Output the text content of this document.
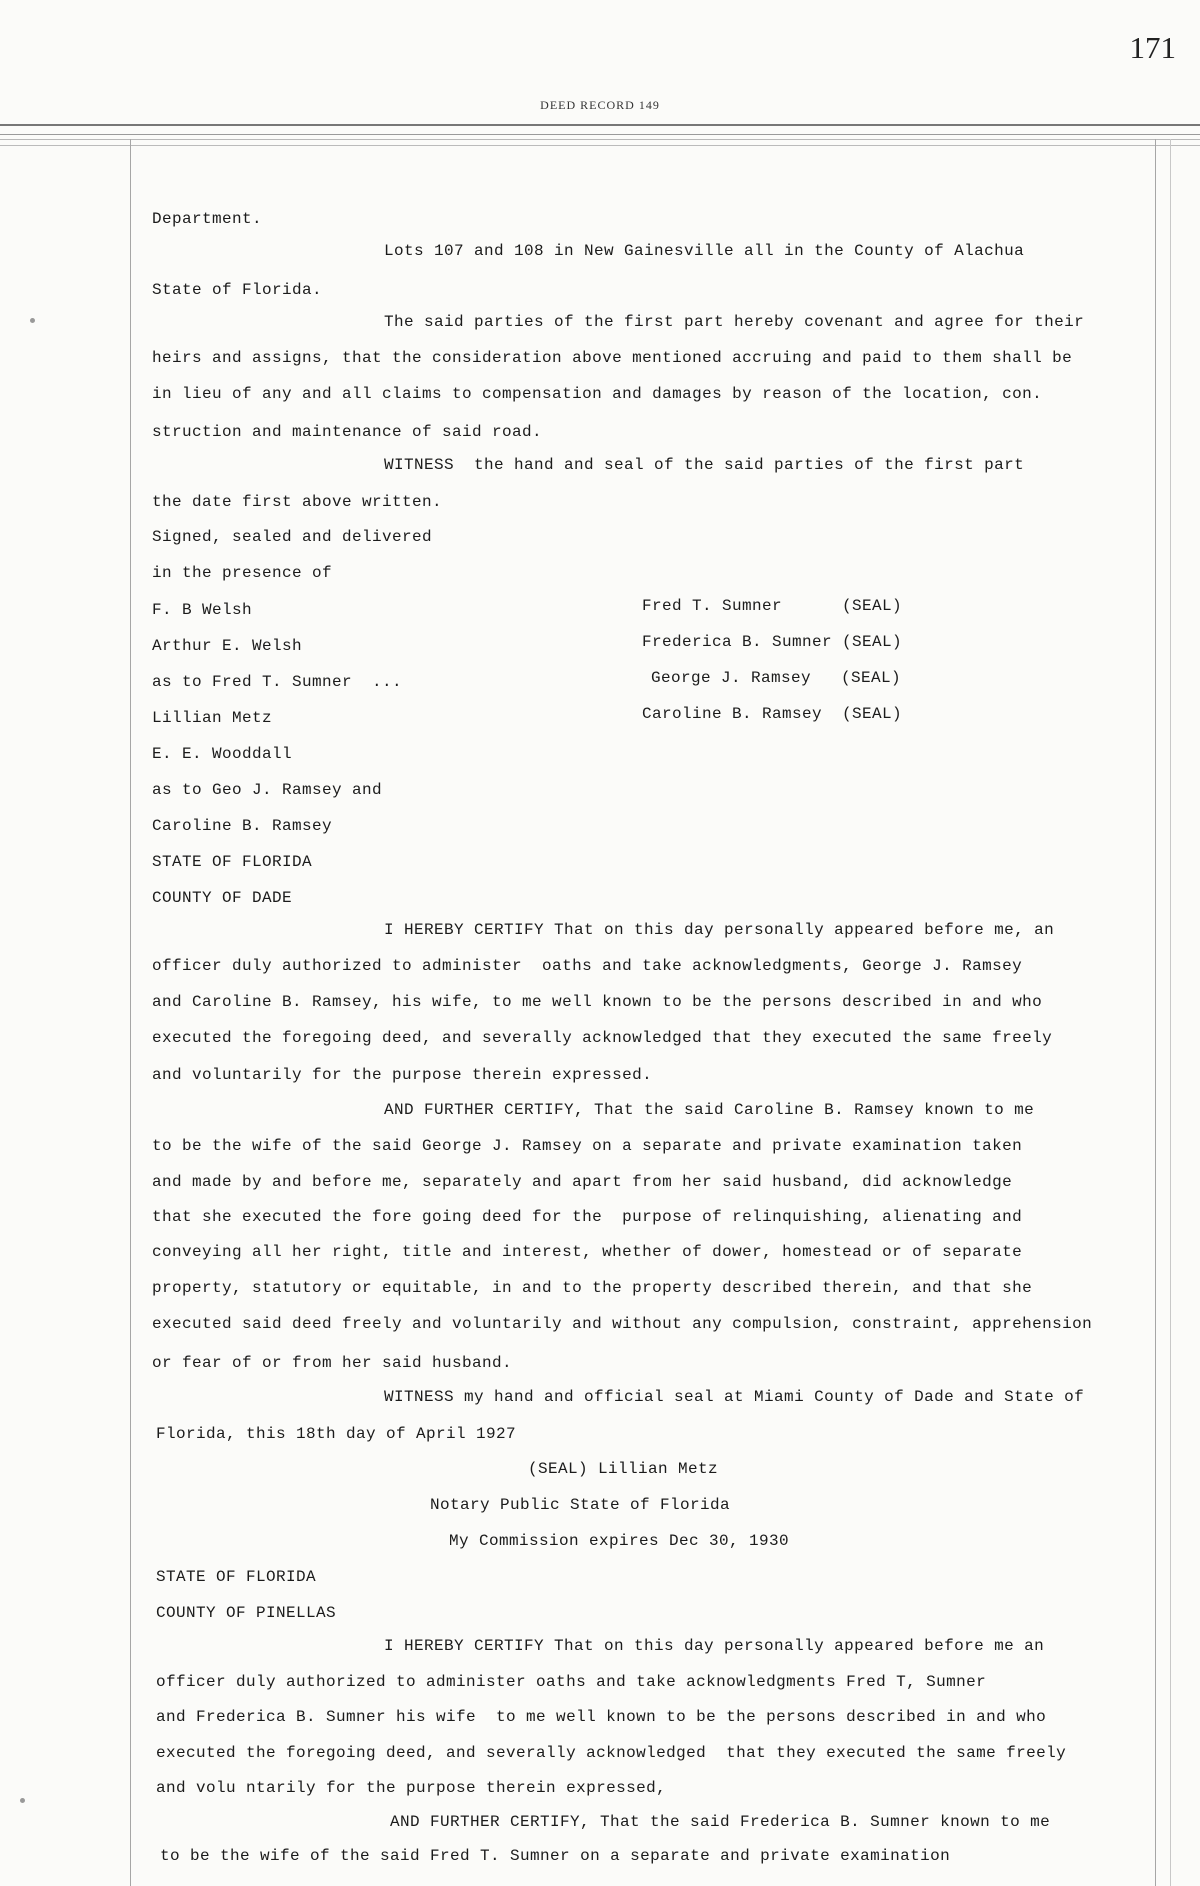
171
DEED RECORD 149
Department.
Lots 107 and 108 in New Gainesville all in the County of Alachua
State of Florida.
The said parties of the first part hereby covenant and agree for their
heirs and assigns, that the consideration above mentioned accruing and paid to them shall be
in lieu of any and all claims to compensation and damages by reason of the location, con.
struction and maintenance of said road.
WITNESS  the hand and seal of the said parties of the first part
the date first above written.
Signed, sealed and delivered
in the presence of
F. B Welsh	Fred T. Sumner      (SEAL)
Arthur E. Welsh	Frederica B. Sumner (SEAL)
as to Fred T. Sumner  ...	George J. Ramsey   (SEAL)
Lillian Metz	Caroline B. Ramsey  (SEAL)
E. E. Wooddall
as to Geo J. Ramsey and
Caroline B. Ramsey
STATE OF FLORIDA
COUNTY OF DADE
I HEREBY CERTIFY That on this day personally appeared before me, an
officer duly authorized to administer  oaths and take acknowledgments, George J. Ramsey
and Caroline B. Ramsey, his wife, to me well known to be the persons described in and who
executed the foregoing deed, and severally acknowledged that they executed the same freely
and voluntarily for the purpose therein expressed.
AND FURTHER CERTIFY, That the said Caroline B. Ramsey known to me
to be the wife of the said George J. Ramsey on a separate and private examination taken
and made by and before me, separately and apart from her said husband, did acknowledge
that she executed the fore going deed for the  purpose of relinquishing, alienating and
conveying all her right, title and interest, whether of dower, homestead or of separate
property, statutory or equitable, in and to the property described therein, and that she
executed said deed freely and voluntarily and without any compulsion, constraint, apprehension
or fear of or from her said husband.
WITNESS my hand and official seal at Miami County of Dade and State of
Florida, this 18th day of April 1927
(SEAL) Lillian Metz
Notary Public State of Florida
My Commission expires Dec 30, 1930
STATE OF FLORIDA
COUNTY OF PINELLAS
I HEREBY CERTIFY That on this day personally appeared before me an
officer duly authorized to administer oaths and take acknowledgments Fred T, Sumner
and Frederica B. Sumner his wife  to me well known to be the persons described in and who
executed the foregoing deed, and severally acknowledged  that they executed the same freely
and volu ntarily for the purpose therein expressed,
AND FURTHER CERTIFY, That the said Frederica B. Sumner known to me
to be the wife of the said Fred T. Sumner on a separate and private examination
